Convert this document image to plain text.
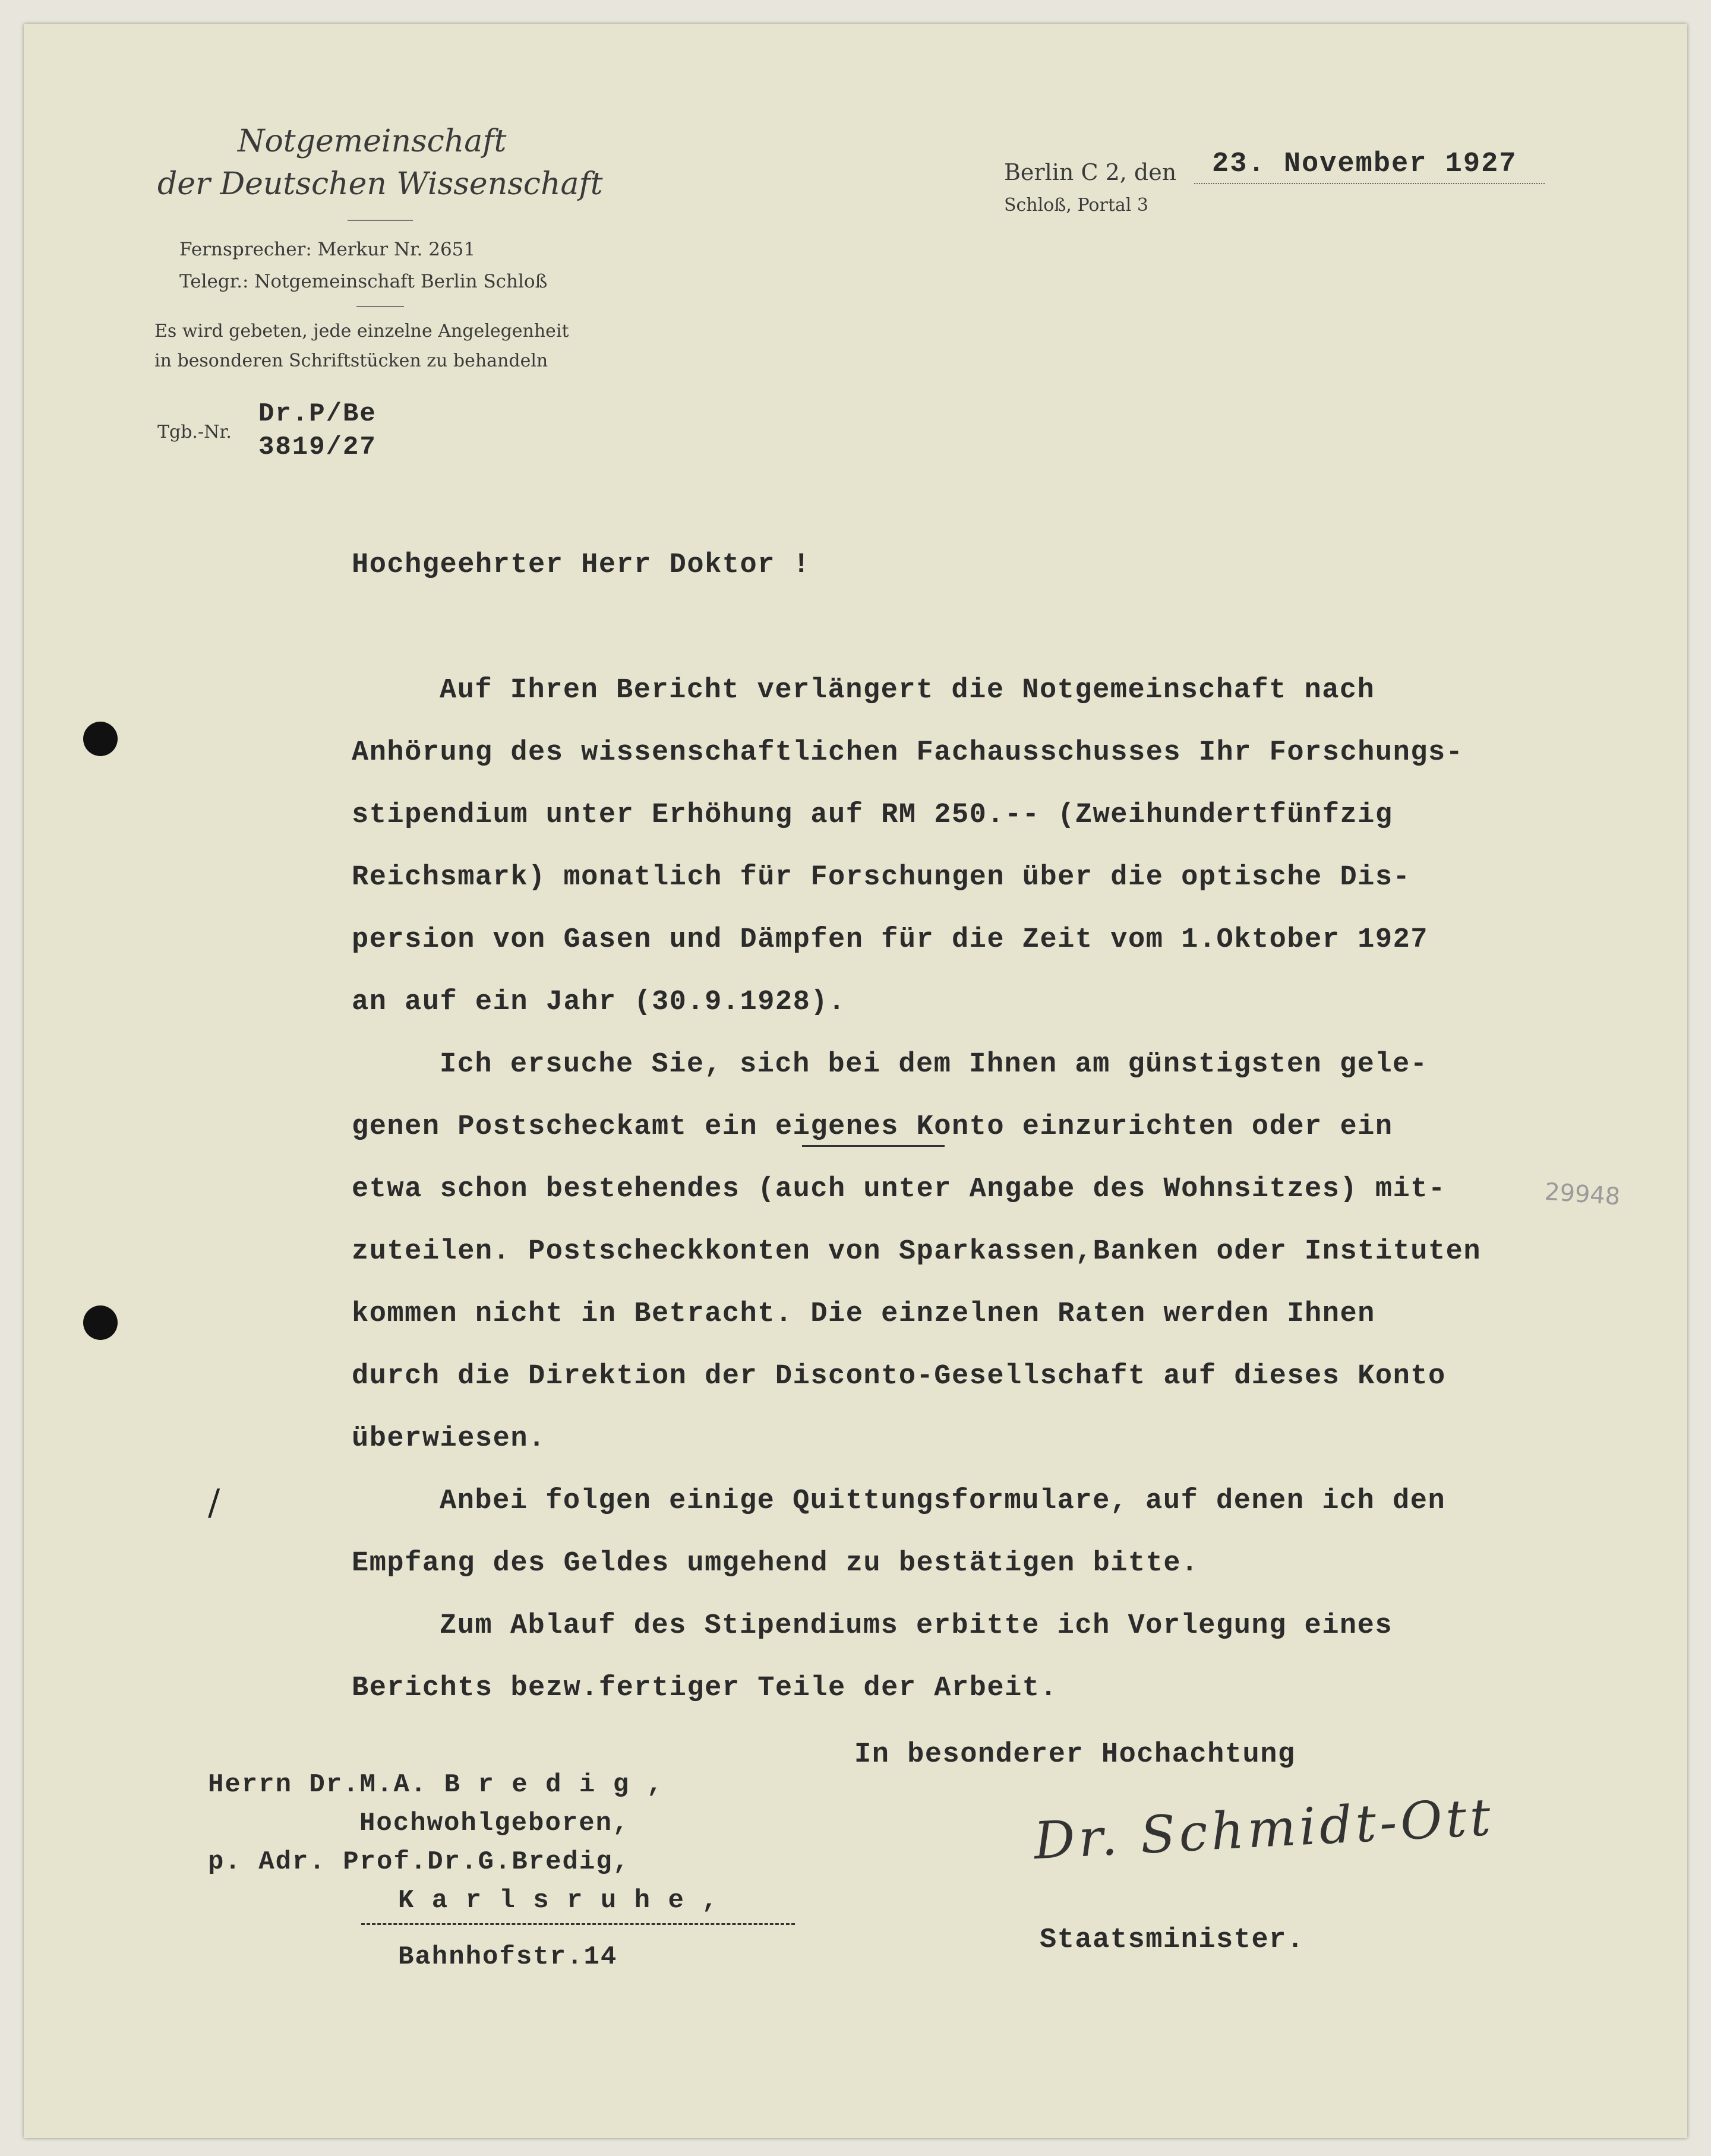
Notgemeinschaft
der Deutschen Wissenschaft
Fernsprecher: Merkur Nr. 2651
Telegr.: Notgemeinschaft Berlin Schloß
Es wird gebeten, jede einzelne Angelegenheit
in besonderen Schriftstücken zu behandeln
Tgb.-Nr.
Dr.P/Be
3819/27
Berlin C 2, den
Schloß, Portal 3
23. November 1927
Hochgeehrter Herr Doktor !
Auf Ihren Bericht verlängert die Notgemeinschaft nach
Anhörung des wissenschaftlichen Fachausschusses Ihr Forschungs-
stipendium unter Erhöhung auf RM 250.-- (Zweihundertfünfzig
Reichsmark) monatlich für Forschungen über die optische Dis-
persion von Gasen und Dämpfen für die Zeit vom 1.Oktober 1927
an auf ein Jahr (30.9.1928).
Ich ersuche Sie, sich bei dem Ihnen am günstigsten gele-
genen Postscheckamt ein eigenes Konto einzurichten oder ein
etwa schon bestehendes (auch unter Angabe des Wohnsitzes) mit-
zuteilen. Postscheckkonten von Sparkassen,Banken oder Instituten
kommen nicht in Betracht. Die einzelnen Raten werden Ihnen
durch die Direktion der Disconto-Gesellschaft auf dieses Konto
überwiesen.
Anbei folgen einige Quittungsformulare, auf denen ich den
Empfang des Geldes umgehend zu bestätigen bitte.
Zum Ablauf des Stipendiums erbitte ich Vorlegung eines
Berichts bezw.fertiger Teile der Arbeit.
29948
/
In besonderer Hochachtung
Dr. Schmidt-Ott
Staatsminister.
Herrn Dr.M.A. B r e d i g ,
Hochwohlgeboren,
p. Adr. Prof.Dr.G.Bredig,
K a r l s r u h e ,
Bahnhofstr.14
